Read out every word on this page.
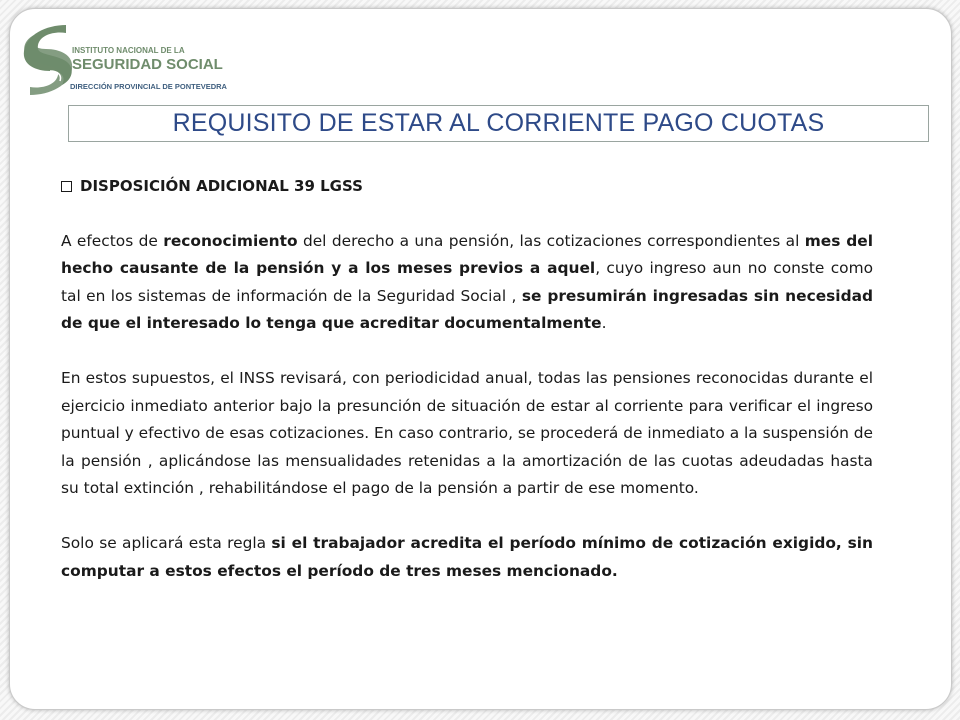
INSTITUTO NACIONAL DE LA
SEGURIDAD SOCIAL
DIRECCIÓN PROVINCIAL DE PONTEVEDRA
REQUISITO DE ESTAR AL CORRIENTE PAGO CUOTAS
DISPOSICIÓN ADICIONAL 39 LGSS

A efectos de reconocimiento del derecho a una pensión, las cotizaciones correspondientes al mes del hecho causante de la pensión y a los meses previos a aquel, cuyo ingreso aun no conste como tal en los sistemas de información de la Seguridad Social , se presumirán ingresadas sin necesidad de que el interesado lo tenga que acreditar documentalmente.

En estos supuestos, el INSS revisará, con periodicidad anual, todas las pensiones reconocidas durante el ejercicio inmediato anterior bajo la presunción de situación de estar al corriente para verificar el ingreso puntual y efectivo de esas cotizaciones. En caso contrario, se procederá de inmediato a la suspensión de la pensión , aplicándose las mensualidades retenidas a la amortización de las cuotas adeudadas hasta su total extinción , rehabilitándose el pago de la pensión a partir de ese momento.

Solo se aplicará esta regla si el trabajador acredita el período mínimo de cotización exigido, sin computar a estos efectos el período de tres meses mencionado.
